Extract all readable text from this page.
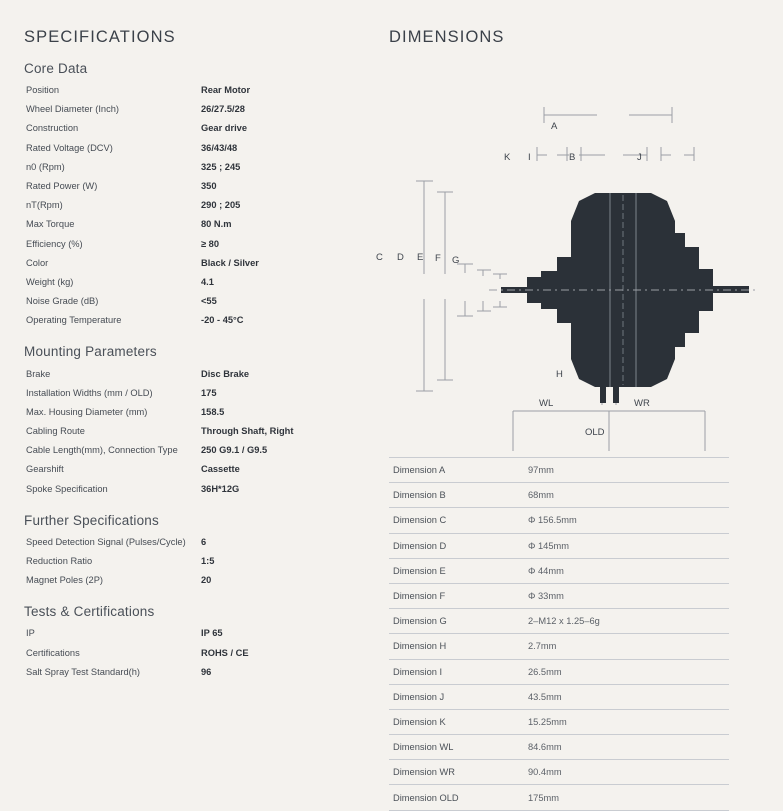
SPECIFICATIONS
Core Data
Position	Rear Motor
Wheel Diameter (Inch)	26/27.5/28
Construction	Gear drive
Rated Voltage (DCV)	36/43/48
n0 (Rpm)	325 ; 245
Rated Power (W)	350
nT(Rpm)	290 ; 205
Max Torque	80 N.m
Efficiency (%)	≥ 80
Color	Black / Silver
Weight (kg)	4.1
Noise Grade (dB)	<55
Operating Temperature	-20 - 45°C
Mounting Parameters
Brake	Disc Brake
Installation Widths (mm / OLD)	175
Max. Housing Diameter (mm)	158.5
Cabling Route	Through Shaft, Right
Cable Length(mm), Connection Type	250 G9.1 / G9.5
Gearshift	Cassette
Spoke Specification	36H*12G
Further Specifications
Speed Detection Signal (Pulses/Cycle)	6
Reduction Ratio	1:5
Magnet Poles (2P)	20
Tests & Certifications
IP	IP 65
Certifications	ROHS / CE
Salt Spray Test Standard(h)	96
DIMENSIONS
A
K I	B	J
C D E F G
H
WL	WR
OLD
Dimension A	97mm
Dimension B	68mm
Dimension C	Φ 156.5mm
Dimension D	Φ 145mm
Dimension E	Φ 44mm
Dimension F	Φ 33mm
Dimension G	2–M12 x 1.25–6g
Dimension H	2.7mm
Dimension I	26.5mm
Dimension J	43.5mm
Dimension K	15.25mm
Dimension WL	84.6mm
Dimension WR	90.4mm
Dimension OLD	175mm
